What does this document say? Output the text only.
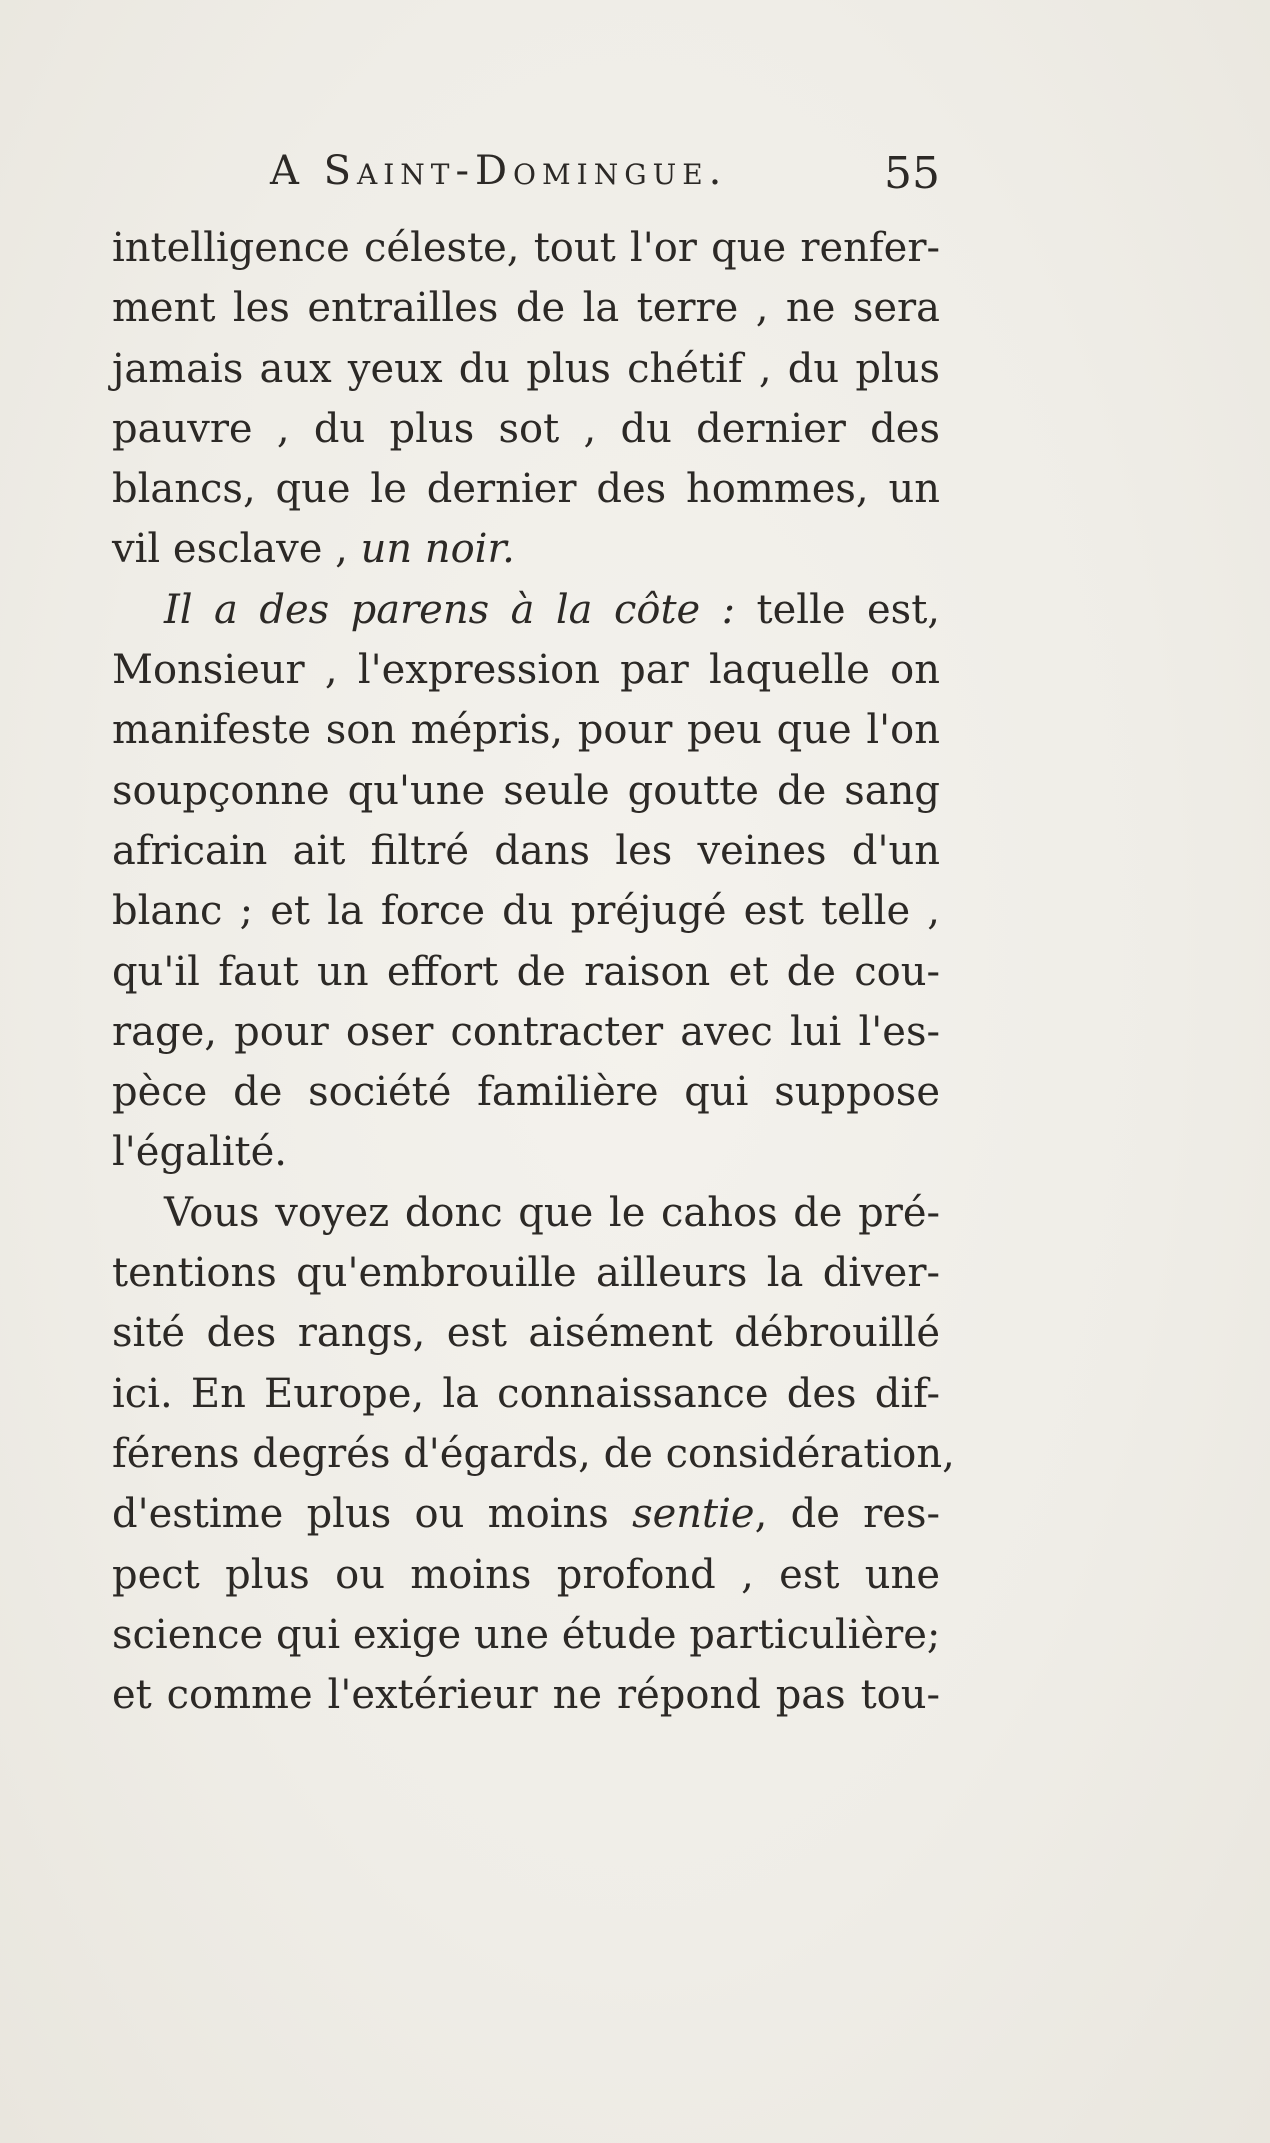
A Saint-Domingue.	55
intelligence céleste, tout l'or que renfer-
ment les entrailles de la terre , ne sera
jamais aux yeux du plus chétif , du plus
pauvre , du plus sot , du dernier des
blancs, que le dernier des hommes, un
vil esclave , un noir.
Il a des parens à la côte : telle est,
Monsieur , l'expression par laquelle on
manifeste son mépris, pour peu que l'on
soupçonne qu'une seule goutte de sang
africain ait filtré dans les veines d'un
blanc ; et la force du préjugé est telle ,
qu'il faut un effort de raison et de cou-
rage, pour oser contracter avec lui l'es-
pèce de société familière qui suppose
l'égalité.
Vous voyez donc que le cahos de pré-
tentions qu'embrouille ailleurs la diver-
sité des rangs, est aisément débrouillé
ici. En Europe, la connaissance des dif-
férens degrés d'égards, de considération,
d'estime plus ou moins sentie, de res-
pect plus ou moins profond , est une
science qui exige une étude particulière;
et comme l'extérieur ne répond pas tou-
